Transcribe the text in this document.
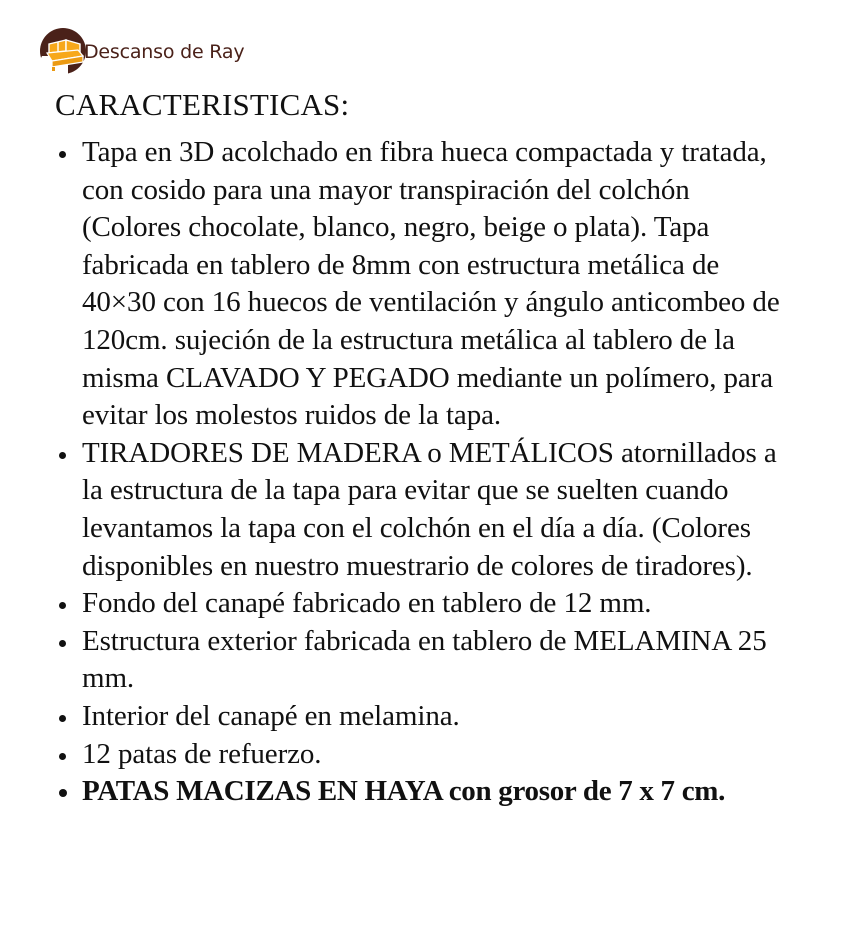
Descanso de Ray
CARACTERISTICAS:
Tapa en 3D acolchado en fibra hueca compactada y tratada, con cosido para una mayor transpiración del colchón (Colores chocolate, blanco, negro, beige o plata). Tapa fabricada en tablero de 8mm con estructura metálica de 40×30 con 16 huecos de ventilación y ángulo anticombeo de 120cm. sujeción de la estructura metálica al tablero de la misma CLAVADO Y PEGADO mediante un polímero, para evitar los molestos ruidos de la tapa.
TIRADORES DE MADERA o METÁLICOS atornillados a la estructura de la tapa para evitar que se suelten cuando levantamos la tapa con el colchón en el día a día. (Colores disponibles en nuestro muestrario de colores de tiradores).
Fondo del canapé fabricado en tablero de 12 mm.
Estructura exterior fabricada en tablero de MELAMINA 25 mm.
Interior del canapé en melamina.
12 patas de refuerzo.
PATAS MACIZAS EN HAYA con grosor de 7 x 7 cm.
